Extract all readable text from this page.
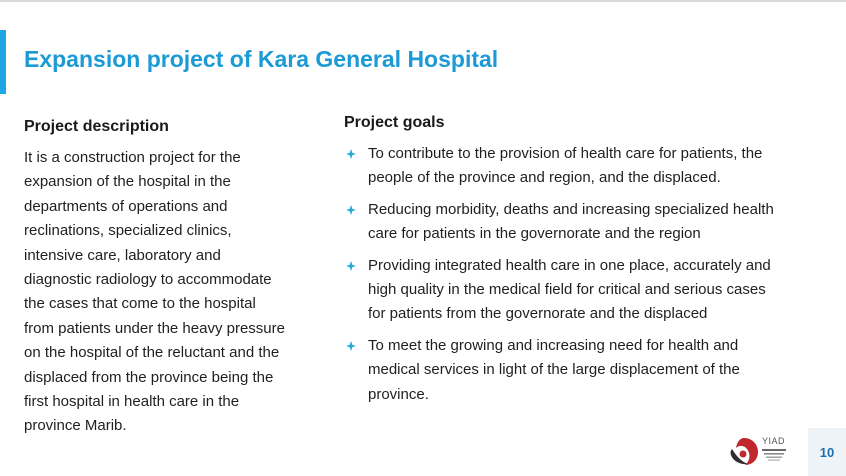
Expansion project of Kara General Hospital
Project description
It is a construction project for the
expansion of the hospital in the
departments of operations and
reclinations, specialized clinics,
intensive care, laboratory and
diagnostic radiology to accommodate
the cases that come to the hospital
from patients under the heavy pressure
on the hospital of the reluctant and the
displaced from the province being the
first hospital in health care in the
province Marib.
Project goals
To contribute to the provision of health care for patients, the
people of the province and region, and the displaced.
Reducing morbidity, deaths and increasing specialized health
care for patients in the governorate and the region
Providing integrated health care in one place, accurately and
high quality in the medical field for critical and serious cases
for patients from the governorate and the displaced
To meet the growing and increasing need for health and
medical services in light of the large displacement of the
province.
YIAD
10
